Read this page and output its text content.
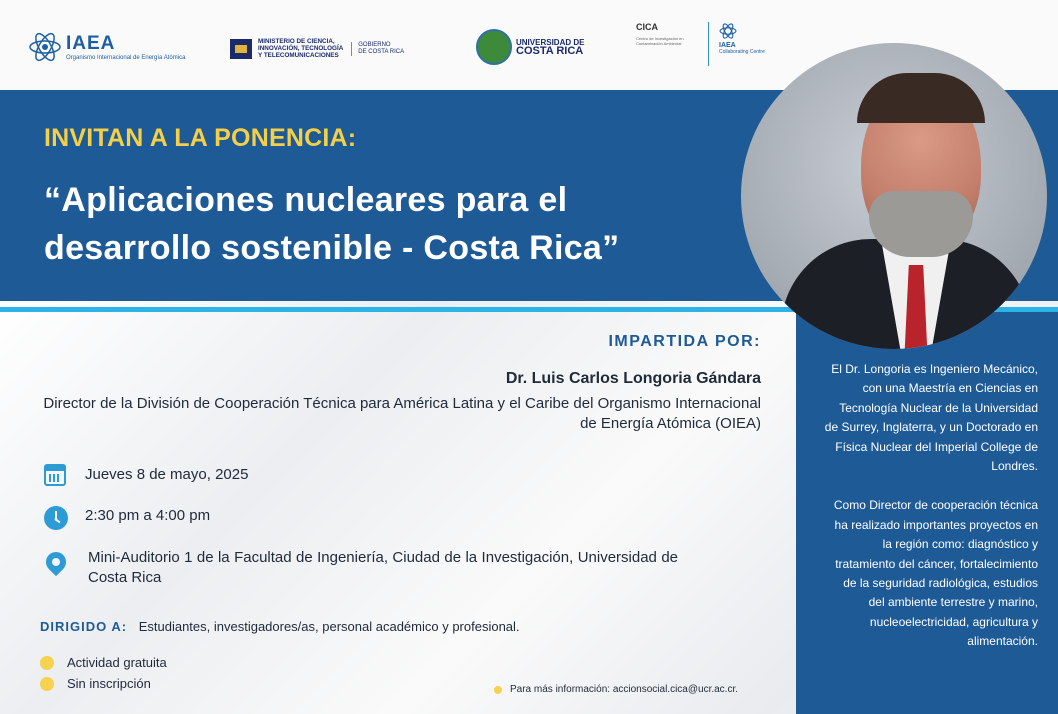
IAEA
Organismo Internacional de Energía Atómica
MINISTERIO DE CIENCIA,
INNOVACIÓN, TECNOLOGÍA
Y TELECOMUNICACIONES
GOBIERNO
DE COSTA RICA
UNIVERSIDAD DE
COSTA RICA
CICA
Centro de Investigación en Contaminación Ambiental	IAEA
Collaborating Centre
INVITAN A LA PONENCIA:
“Aplicaciones nucleares para el desarrollo sostenible - Costa Rica”

El Dr. Longoria es Ingeniero Mecánico, con una Maestría en Ciencias en Tecnología Nuclear de la Universidad de Surrey, Inglaterra, y un Doctorado en Física Nuclear del Imperial College de Londres.

Como Director de cooperación técnica ha realizado importantes proyectos en la región como: diagnóstico y tratamiento del cáncer, fortalecimiento de la seguridad radiológica, estudios del ambiente terrestre y marino, nucleoelectricidad, agricultura y alimentación.

IMPARTIDA POR:
Dr. Luis Carlos Longoria Gándara
Director de la División de Cooperación Técnica para América Latina y el Caribe del Organismo Internacional de Energía Atómica (OIEA)
Jueves 8 de mayo, 2025
2:30 pm a 4:00 pm
Mini-Auditorio 1 de la Facultad de Ingeniería, Ciudad de la Investigación, Universidad de Costa Rica
DIRIGIDO A: Estudiantes, investigadores/as, personal académico y profesional.
Actividad gratuita
Sin inscripción	Para más información: accionsocial.cica@ucr.ac.cr.
